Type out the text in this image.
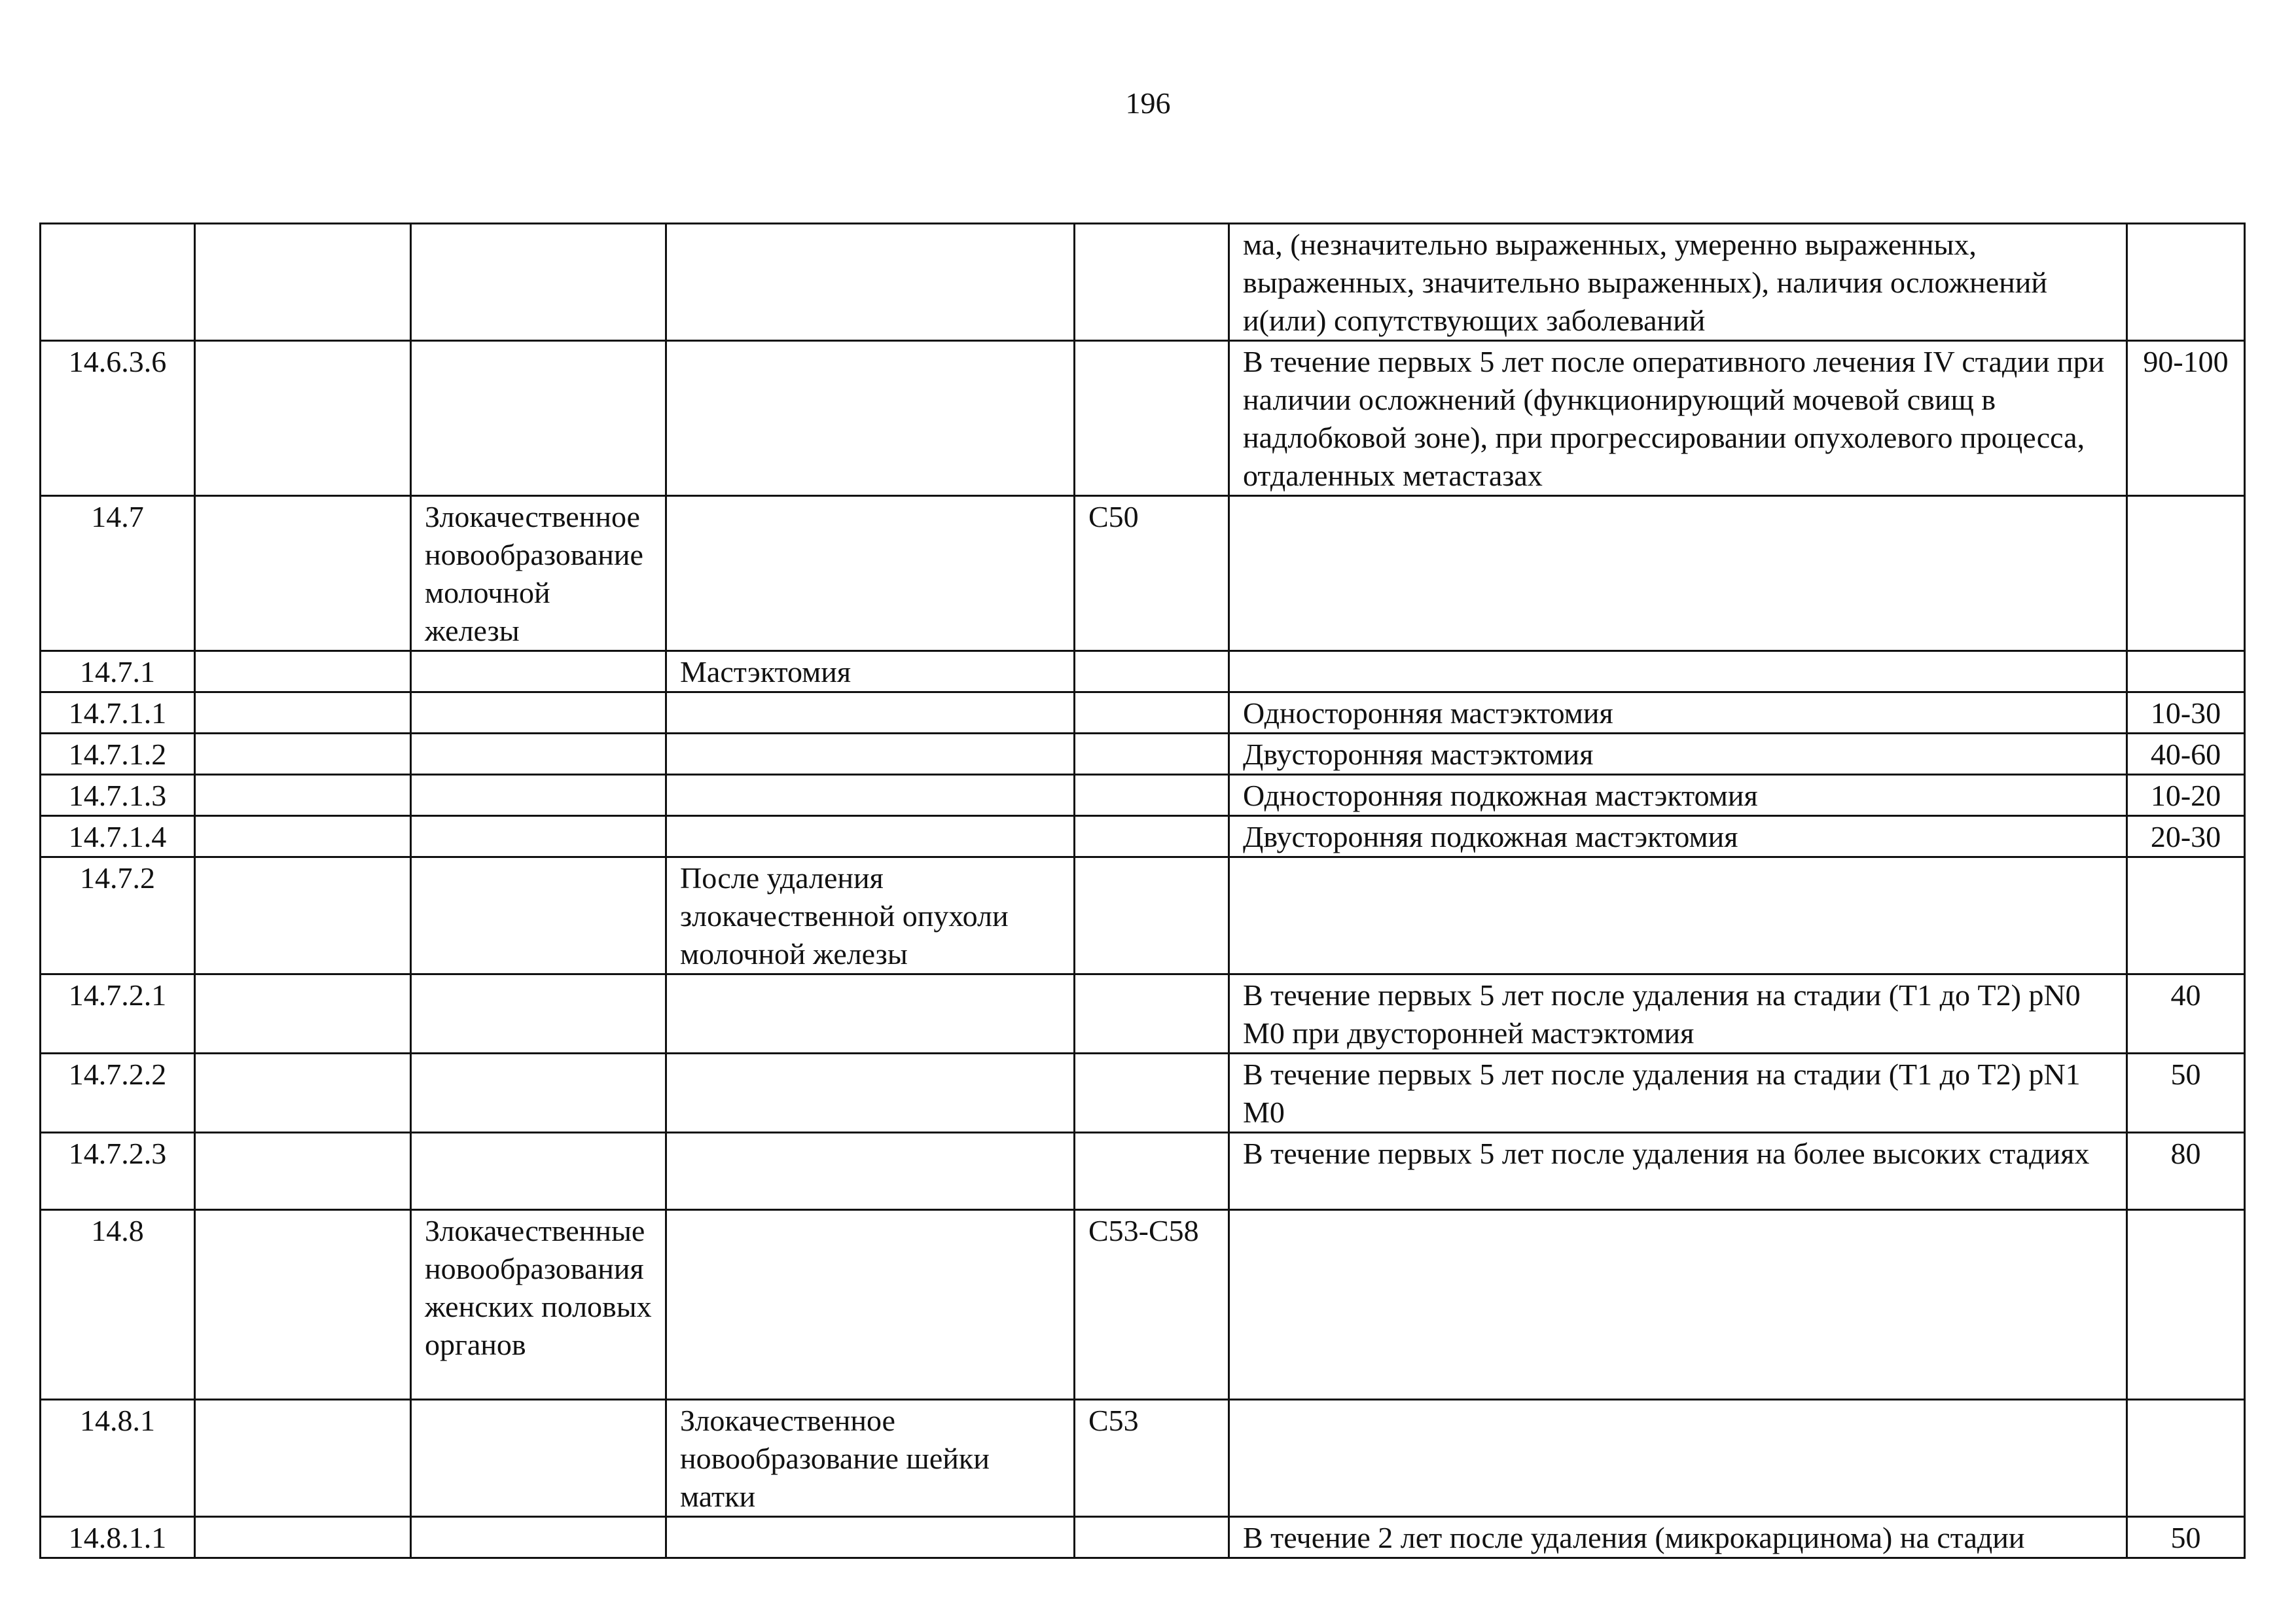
196
					ма, (незначительно выраженных, умеренно выраженных, выраженных, значительно выраженных), наличия осложнений и(или) сопутствующих заболеваний	
14.6.3.6					В течение первых 5 лет после оперативного лечения IV стадии при наличии осложнений (функционирующий мочевой свищ в надлобковой зоне), при прогрессировании опухолевого процесса, отдаленных метастазах	90-100
14.7		Злокачественное новообразование молочной железы		C50		
14.7.1			Мастэктомия			
14.7.1.1					Односторонняя мастэктомия	10-30
14.7.1.2					Двусторонняя мастэктомия	40-60
14.7.1.3					Односторонняя подкожная мастэктомия	10-20
14.7.1.4					Двусторонняя подкожная мастэктомия	20-30
14.7.2			После удаления злокачественной опухоли молочной железы			
14.7.2.1					В течение первых 5 лет после удаления на стадии (T1 до T2) pN0 M0 при двусторонней мастэктомия	40
14.7.2.2					В течение первых 5 лет после удаления на стадии (T1 до T2) pN1 M0	50
14.7.2.3					В течение первых 5 лет после удаления на более высоких стадиях	80
14.8		Злокачественные новообразования женских половых органов		C53-C58		
14.8.1			Злокачественное новообразование шейки матки	C53		
14.8.1.1					В течение 2 лет после удаления (микрокарцинома) на стадии	50
